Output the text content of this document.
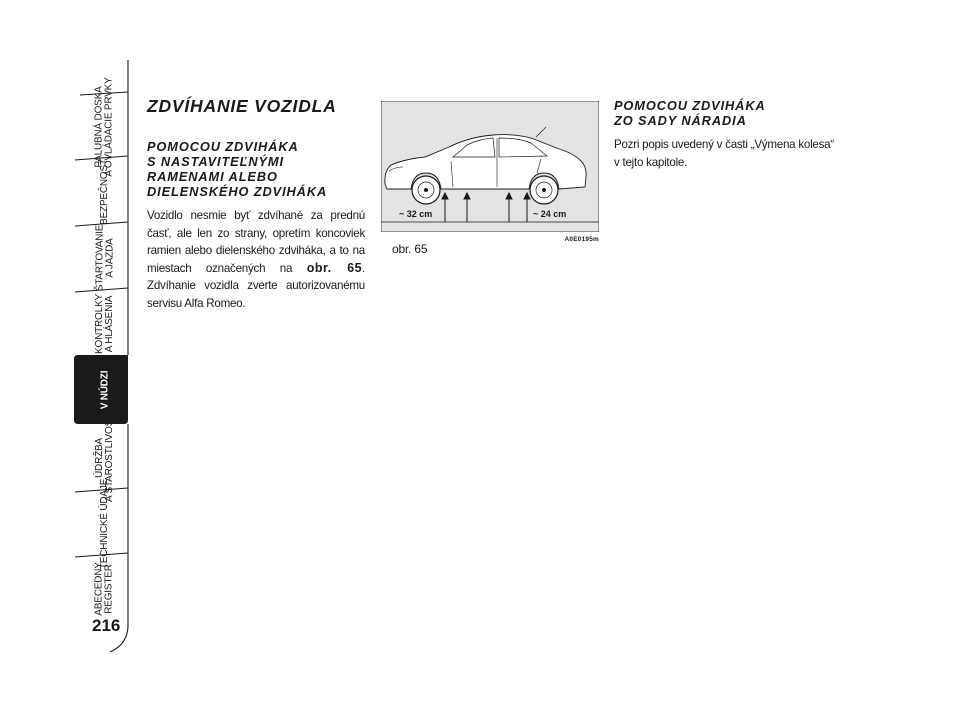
PALUBNÁ DOSKA
A OVLÁDACIE PRVKY
BEZPEČNOSŤ
ŠTARTOVANIE
A JAZDA
KONTROLKY
A HLÁSENIA
V NÚDZI
ÚDRŽBA
A STAROSTLIVOSŤ
TECHNICKÉ ÚDAJE
ABECEDNÝ
REGISTER
216
ZDVÍHANIE VOZIDLA
POMOCOU ZDVIHÁKA
S NASTAVITEĽNÝMI
RAMENAMI ALEBO
DIELENSKÉHO ZDVIHÁKA

Vozidlo nesmie byť zdvíhané za prednú časť, ale len zo strany, opretím koncoviek ramien alebo dielenského zdviháka, a to na miestach označených na obr. 65. Zdvíhanie vozidla zverte autorizovanému servisu Alfa Romeo.

~ 32 cm	~ 24 cm
A0E0195m
obr. 65
POMOCOU ZDVIHÁKA
ZO SADY NÁRADIA

Pozri popis uvedený v časti „Výmena kolesa“ v tejto kapitole.
